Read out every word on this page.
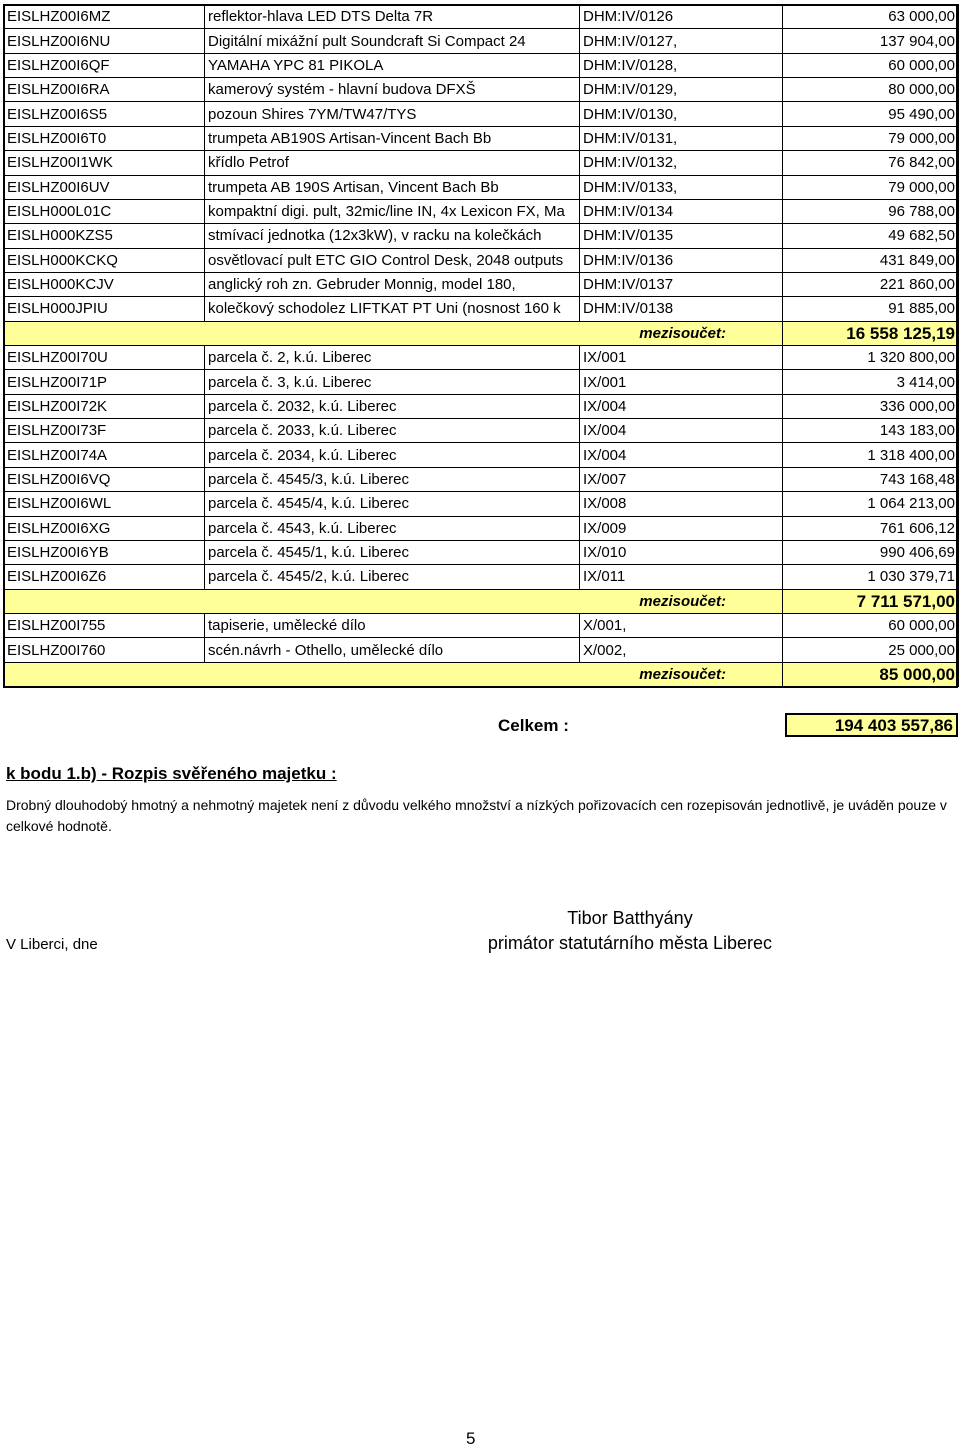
EISLHZ00I6MZ	reflektor-hlava LED DTS Delta 7R	DHM:IV/0126	63 000,00
EISLHZ00I6NU	Digitální mixážní pult Soundcraft Si Compact 24	DHM:IV/0127,	137 904,00
EISLHZ00I6QF	YAMAHA YPC 81 PIKOLA	DHM:IV/0128,	60 000,00
EISLHZ00I6RA	kamerový systém - hlavní budova DFXŠ	DHM:IV/0129,	80 000,00
EISLHZ00I6S5	pozoun Shires 7YM/TW47/TYS	DHM:IV/0130,	95 490,00
EISLHZ00I6T0	trumpeta AB190S Artisan-Vincent Bach Bb	DHM:IV/0131,	79 000,00
EISLHZ00I1WK	křídlo Petrof	DHM:IV/0132,	76 842,00
EISLHZ00I6UV	trumpeta AB 190S Artisan, Vincent Bach Bb	DHM:IV/0133,	79 000,00
EISLH000L01C	kompaktní digi. pult, 32mic/line IN, 4x Lexicon FX, Ma	DHM:IV/0134	96 788,00
EISLH000KZS5	stmívací jednotka (12x3kW), v racku na kolečkách	DHM:IV/0135	49 682,50
EISLH000KCKQ	osvětlovací pult ETC GIO Control Desk, 2048 outputs	DHM:IV/0136	431 849,00
EISLH000KCJV	anglický roh zn. Gebruder Monnig, model 180,	DHM:IV/0137	221 860,00
EISLH000JPIU	kolečkový schodolez LIFTKAT PT Uni (nosnost 160 k	DHM:IV/0138	91 885,00
mezisoučet:			16 558 125,19
EISLHZ00I70U	parcela č. 2, k.ú. Liberec	IX/001	1 320 800,00
EISLHZ00I71P	parcela č. 3, k.ú. Liberec	IX/001	3 414,00
EISLHZ00I72K	parcela č. 2032, k.ú. Liberec	IX/004	336 000,00
EISLHZ00I73F	parcela č. 2033, k.ú. Liberec	IX/004	143 183,00
EISLHZ00I74A	parcela č. 2034, k.ú. Liberec	IX/004	1 318 400,00
EISLHZ00I6VQ	parcela č. 4545/3, k.ú. Liberec	IX/007	743 168,48
EISLHZ00I6WL	parcela č. 4545/4, k.ú. Liberec	IX/008	1 064 213,00
EISLHZ00I6XG	parcela č. 4543, k.ú. Liberec	IX/009	761 606,12
EISLHZ00I6YB	parcela č. 4545/1, k.ú. Liberec	IX/010	990 406,69
EISLHZ00I6Z6	parcela č. 4545/2, k.ú. Liberec	IX/011	1 030 379,71
mezisoučet:			7 711 571,00
EISLHZ00I755	tapiserie, umělecké dílo	X/001,	60 000,00
EISLHZ00I760	scén.návrh - Othello, umělecké dílo	X/002,	25 000,00
mezisoučet:			85 000,00
Celkem :	194 403 557,86
k bodu 1.b) - Rozpis svěřeného majetku :
Drobný dlouhodobý hmotný a nehmotný majetek není z důvodu velkého množství a nízkých pořizovacích cen rozepisován jednotlivě, je uváděn pouze v celkové hodnotě.
V Liberci, dne
Tibor Batthyány
primátor statutárního města Liberec
5
